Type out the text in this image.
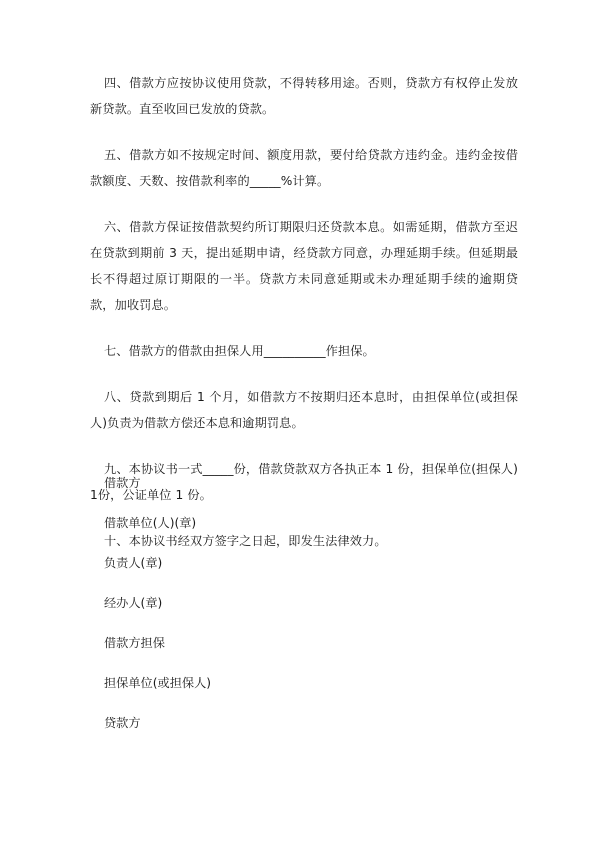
四、借款方应按协议使用贷款，不得转移用途。否则，贷款方有权停止发放新贷款。直至收回已发放的贷款。

五、借款方如不按规定时间、额度用款，要付给贷款方违约金。违约金按借款额度、天数、按借款利率的_____%计算。

六、借款方保证按借款契约所订期限归还贷款本息。如需延期，借款方至迟在贷款到期前 3 天，提出延期申请，经贷款方同意，办理延期手续。但延期最长不得超过原订期限的一半。贷款方未同意延期或未办理延期手续的逾期贷款，加收罚息。

七、借款方的借款由担保人用__________作担保。

八、贷款到期后 1 个月，如借款方不按期归还本息时，由担保单位(或担保人)负责为借款方偿还本息和逾期罚息。

九、本协议书一式_____份，借款贷款双方各执正本 1 份，担保单位(担保人)1份，公证单位 1 份。

十、本协议书经双方签字之日起，即发生法律效力。

借款方

借款单位(人)(章)

负责人(章)

经办人(章)

借款方担保

担保单位(或担保人)

贷款方
